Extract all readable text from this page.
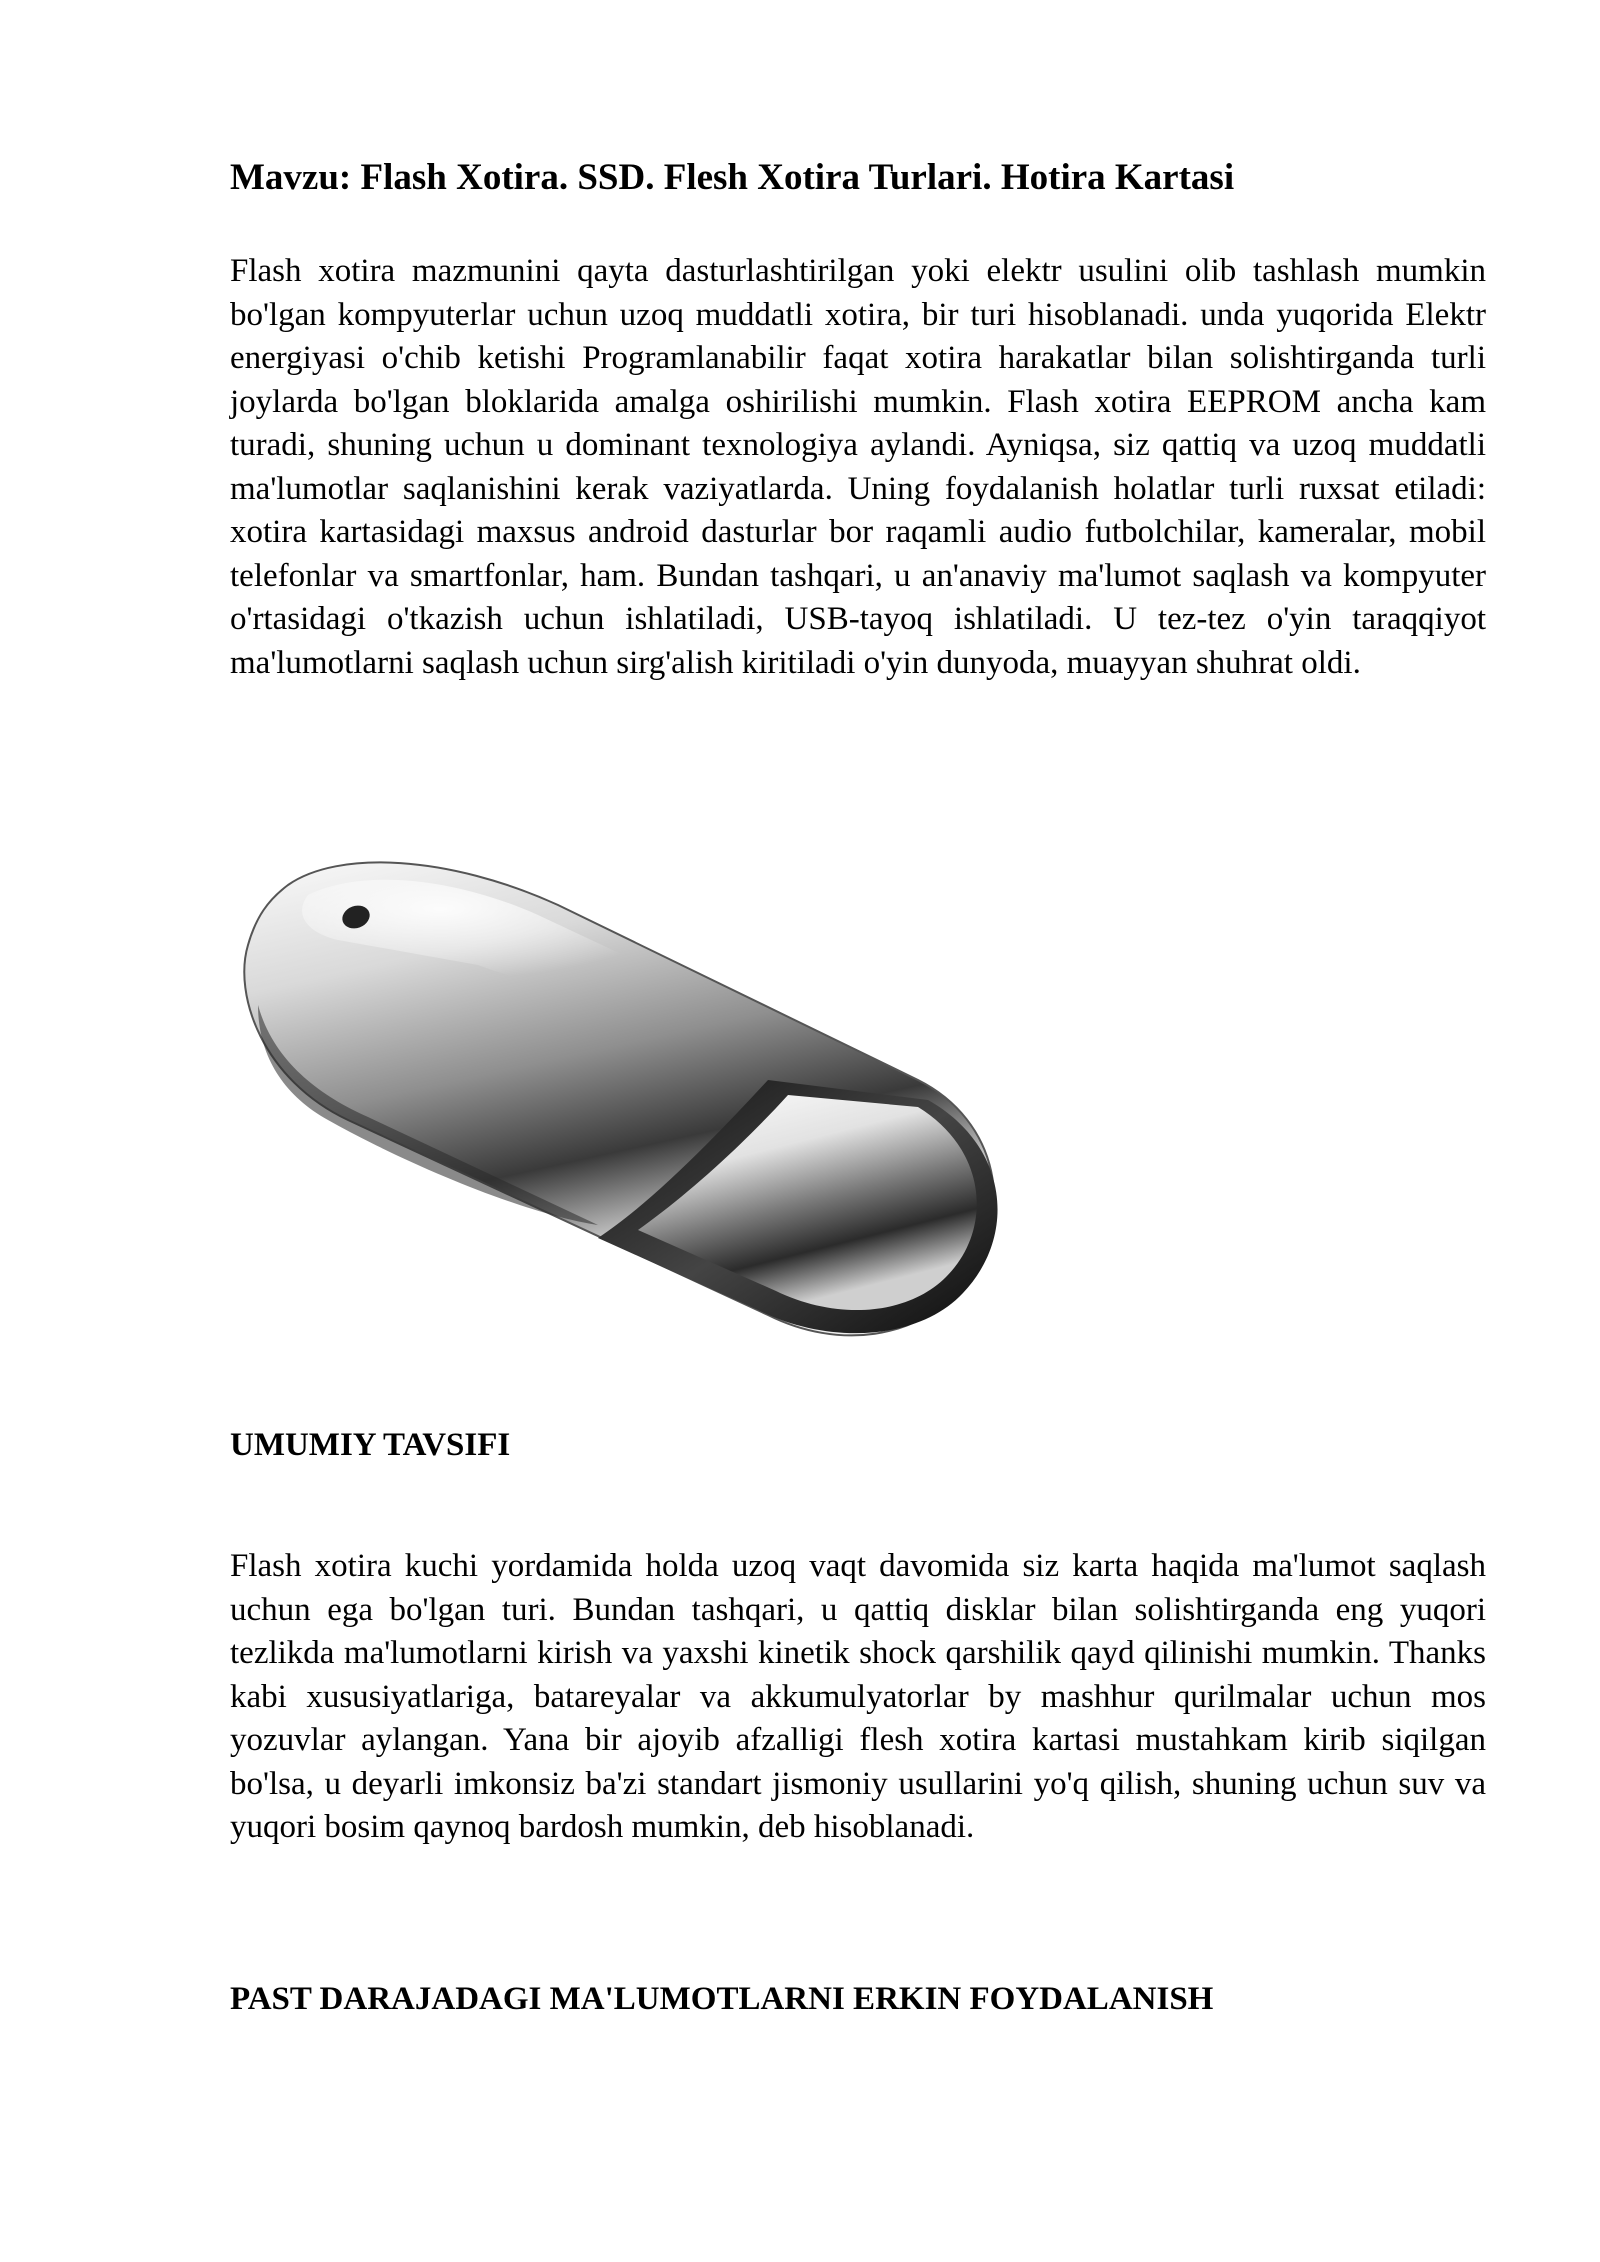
Mavzu: Flash Xotira. SSD. Flesh Xotira Turlari. Hotira Kartasi

Flash xotira mazmunini qayta dasturlashtirilgan yoki elektr usulini olib tashlash mumkin bo'lgan kompyuterlar uchun uzoq muddatli xotira, bir turi hisoblanadi. unda yuqorida Elektr energiyasi o'chib ketishi Programlanabilir faqat xotira harakatlar bilan solishtirganda turli joylarda bo'lgan bloklarida amalga oshirilishi mumkin. Flash xotira EEPROM ancha kam turadi, shuning uchun u dominant texnologiya aylandi. Ayniqsa, siz qattiq va uzoq muddatli ma'lumotlar saqlanishini kerak vaziyatlarda. Uning foydalanish holatlar turli ruxsat etiladi: xotira kartasidagi maxsus android dasturlar bor raqamli audio futbolchilar, kameralar, mobil telefonlar va smartfonlar, ham. Bundan tashqari, u an'anaviy ma'lumot saqlash va kompyuter o'rtasidagi o'tkazish uchun ishlatiladi, USB-tayoq ishlatiladi. U tez-tez o'yin taraqqiyot ma'lumotlarni saqlash uchun sirg'alish kiritiladi o'yin dunyoda, muayyan shuhrat oldi.

UMUMIY TAVSIFI

Flash xotira kuchi yordamida holda uzoq vaqt davomida siz karta haqida ma'lumot saqlash uchun ega bo'lgan turi. Bundan tashqari, u qattiq disklar bilan solishtirganda eng yuqori tezlikda ma'lumotlarni kirish va yaxshi kinetik shock qarshilik qayd qilinishi mumkin. Thanks kabi xususiyatlariga, batareyalar va akkumulyatorlar by mashhur qurilmalar uchun mos yozuvlar aylangan. Yana bir ajoyib afzalligi flesh xotira kartasi mustahkam kirib siqilgan bo'lsa, u deyarli imkonsiz ba'zi standart jismoniy usullarini yo'q qilish, shuning uchun suv va yuqori bosim qaynoq bardosh mumkin, deb hisoblanadi.

PAST DARAJADAGI MA'LUMOTLARNI ERKIN FOYDALANISH
